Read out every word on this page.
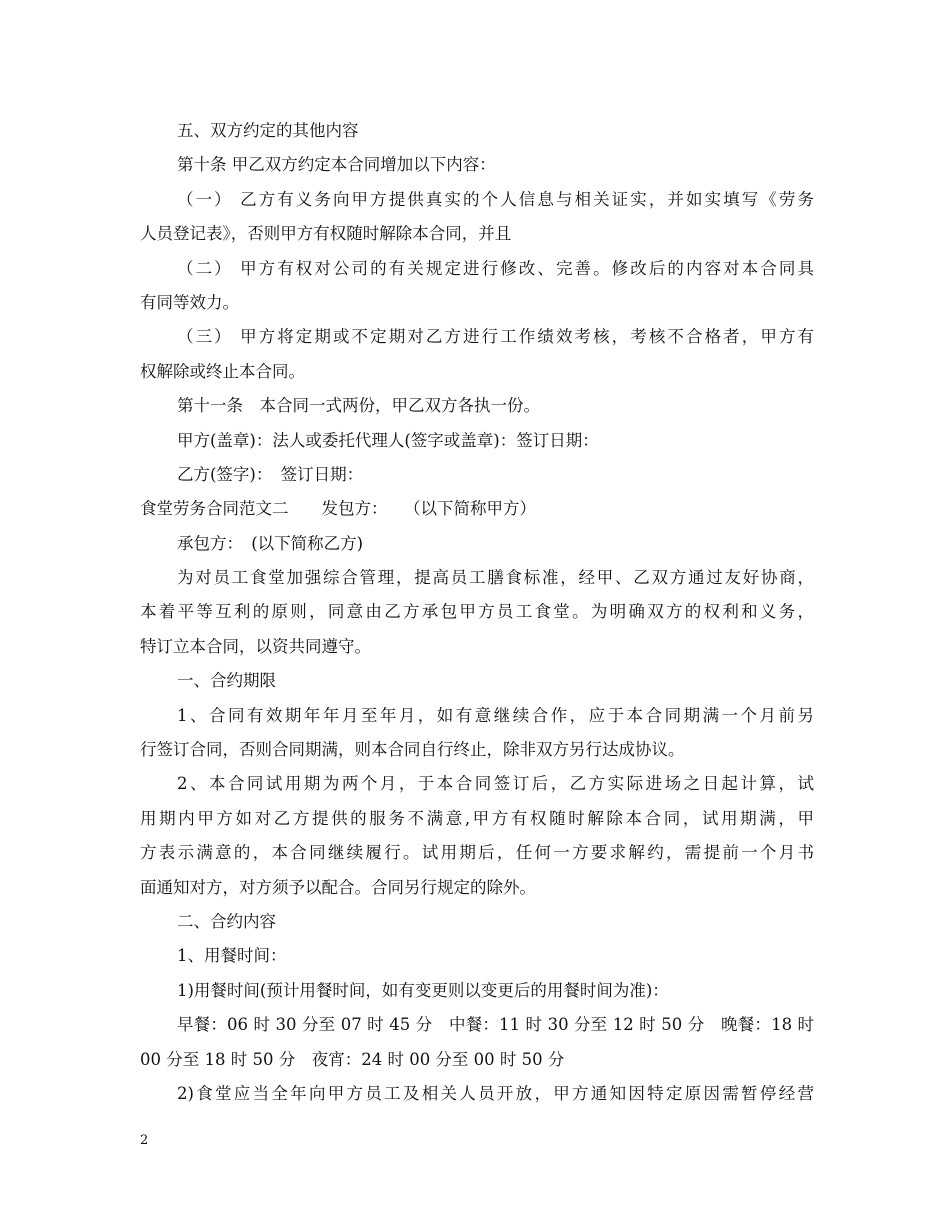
五、双方约定的其他内容
第十条 甲乙双方约定本合同增加以下内容：
（一） 乙方有义务向甲方提供真实的个人信息与相关证实，并如实填写《劳务
人员登记表》，否则甲方有权随时解除本合同，并且
（二） 甲方有权对公司的有关规定进行修改、完善。修改后的内容对本合同具
有同等效力。
（三） 甲方将定期或不定期对乙方进行工作绩效考核，考核不合格者，甲方有
权解除或终止本合同。
第十一条　本合同一式两份，甲乙双方各执一份。
甲方(盖章)：法人或委托代理人(签字或盖章)：签订日期：
乙方(签字)：　签订日期：
食堂劳务合同范文二　　发包方：　　（以下简称甲方）
承包方：　(以下简称乙方)
为对员工食堂加强综合管理，提高员工膳食标准，经甲、乙双方通过友好协商，
本着平等互利的原则，同意由乙方承包甲方员工食堂。为明确双方的权利和义务，
特订立本合同，以资共同遵守。
一、合约期限
1、合同有效期年年月至年月，如有意继续合作，应于本合同期满一个月前另
行签订合同，否则合同期满，则本合同自行终止，除非双方另行达成协议。
2、本合同试用期为两个月，于本合同签订后，乙方实际进场之日起计算，试
用期内甲方如对乙方提供的服务不满意,甲方有权随时解除本合同，试用期满，甲
方表示满意的，本合同继续履行。试用期后，任何一方要求解约，需提前一个月书
面通知对方，对方须予以配合。合同另行规定的除外。
二、合约内容
1、用餐时间：
1)用餐时间(预计用餐时间，如有变更则以变更后的用餐时间为准)：
早餐：06 时 30 分至 07 时 45 分　中餐：11 时 30 分至 12 时 50 分　晚餐：18 时
00 分至 18 时 50 分　夜宵：24 时 00 分至 00 时 50 分
2)食堂应当全年向甲方员工及相关人员开放，甲方通知因特定原因需暂停经营
2
